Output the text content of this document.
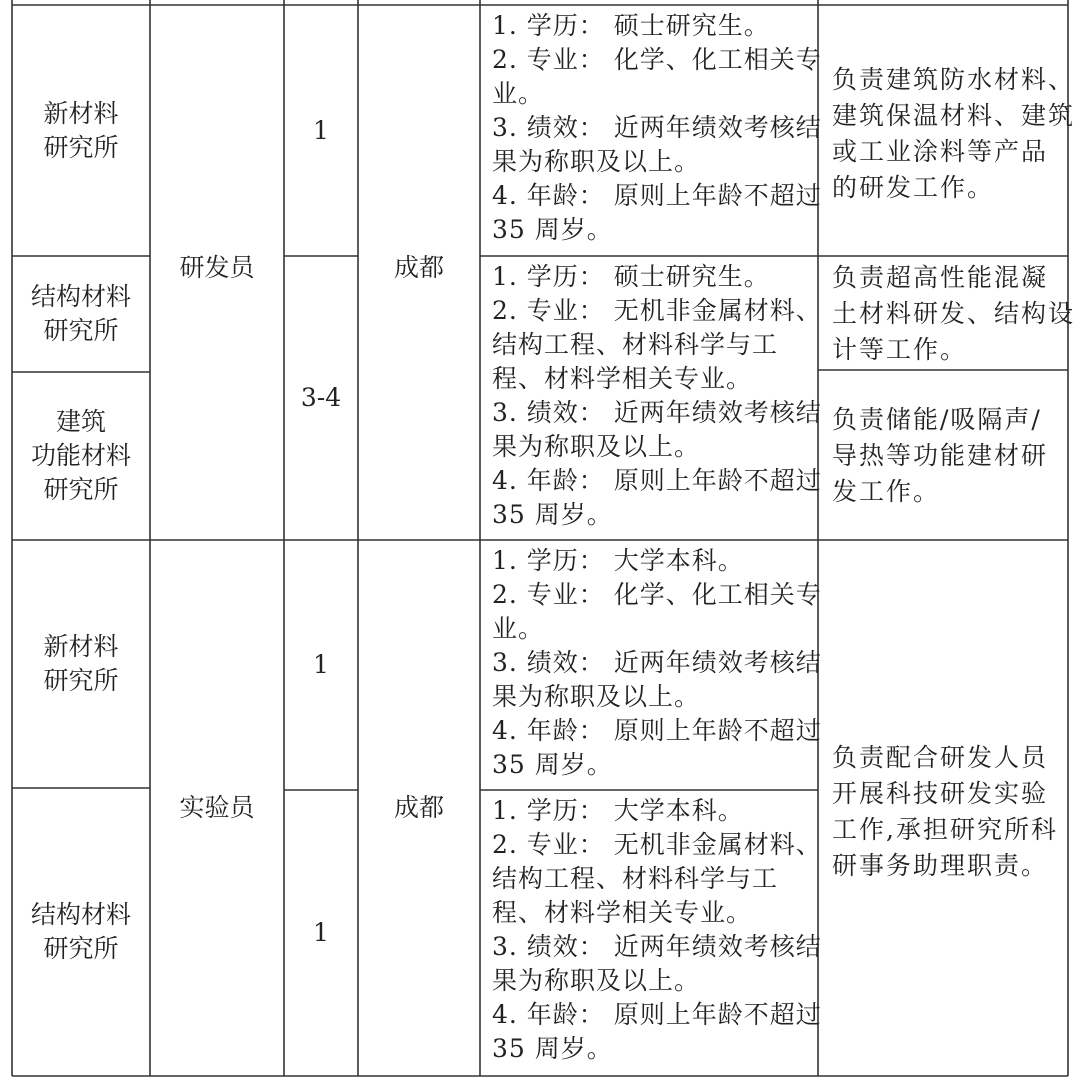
新材料
研究所
1
1. 学历： 硕士研究生。
2. 专业： 化学、化工相关专
业。
3. 绩效： 近两年绩效考核结
果为称职及以上。
4. 年龄： 原则上年龄不超过
35 周岁。
负责建筑防水材料、
建筑保温材料、建筑
或工业涂料等产品
的研发工作。
研发员	成都
结构材料
研究所
1. 学历： 硕士研究生。
2. 专业： 无机非金属材料、
结构工程、材料科学与工
程、材料学相关专业。
3. 绩效： 近两年绩效考核结
果为称职及以上。
4. 年龄： 原则上年龄不超过
35 周岁。
负责超高性能混凝
土材料研发、结构设
计等工作。
3-4
建筑
功能材料
研究所
负责储能/吸隔声/
导热等功能建材研
发工作。
新材料
研究所
1
1. 学历： 大学本科。
2. 专业： 化学、化工相关专
业。
3. 绩效： 近两年绩效考核结
果为称职及以上。
4. 年龄： 原则上年龄不超过
35 周岁。
实验员	成都
负责配合研发人员
开展科技研发实验
工作,承担研究所科
研事务助理职责。
结构材料
研究所
1
1. 学历： 大学本科。
2. 专业： 无机非金属材料、
结构工程、材料科学与工
程、材料学相关专业。
3. 绩效： 近两年绩效考核结
果为称职及以上。
4. 年龄： 原则上年龄不超过
35 周岁。
